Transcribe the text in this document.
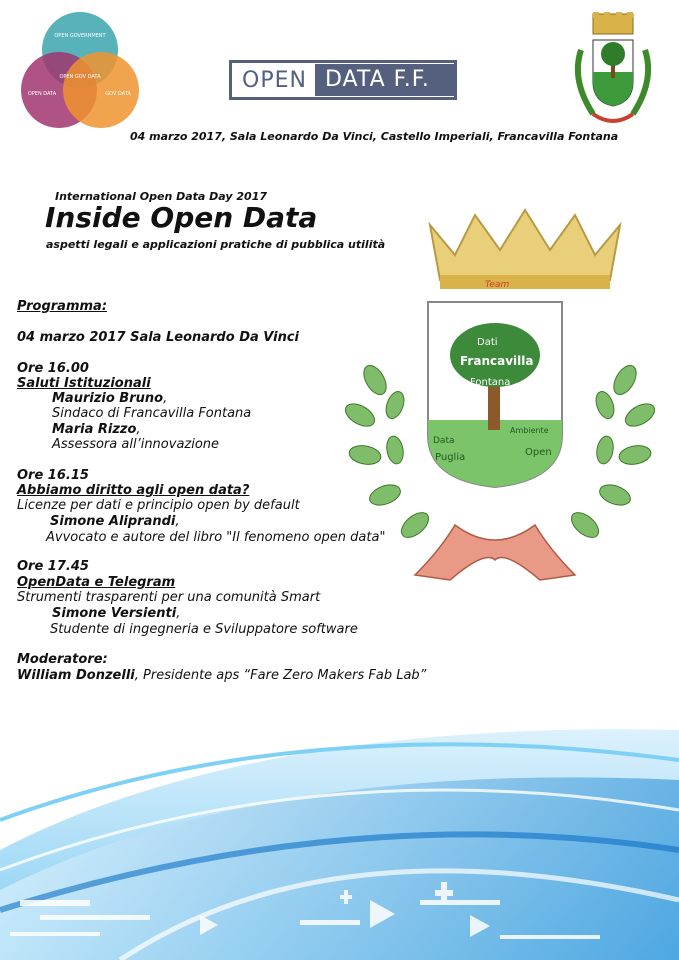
OPEN GOVERNMENT
OPEN DATA	GOV DATA
OPEN GOV DATA	OPEN DATA F.F.
04 marzo 2017, Sala Leonardo Da Vinci, Castello Imperiali, Francavilla Fontana
International Open Data Day 2017
Inside Open Data
aspetti legali e applicazioni pratiche di pubblica utilità
Team
Francavilla
Dati
Fontana
Puglia	Open
Ambiente
Data
Programma:
04 marzo 2017 Sala Leonardo Da Vinci
Ore 16.00
Saluti Istituzionali
Maurizio Bruno,
Sindaco di Francavilla Fontana
Maria Rizzo,
Assessora all’innovazione
Ore 16.15
Abbiamo diritto agli open data?
Licenze per dati e principio open by default
Simone Aliprandi,
Avvocato e autore del libro "Il fenomeno open data"
Ore 17.45
OpenData e Telegram
Strumenti trasparenti per una comunità Smart
Simone Versienti,
Studente di ingegneria e Sviluppatore software
Moderatore:
William Donzelli, Presidente aps “Fare Zero Makers Fab Lab”
